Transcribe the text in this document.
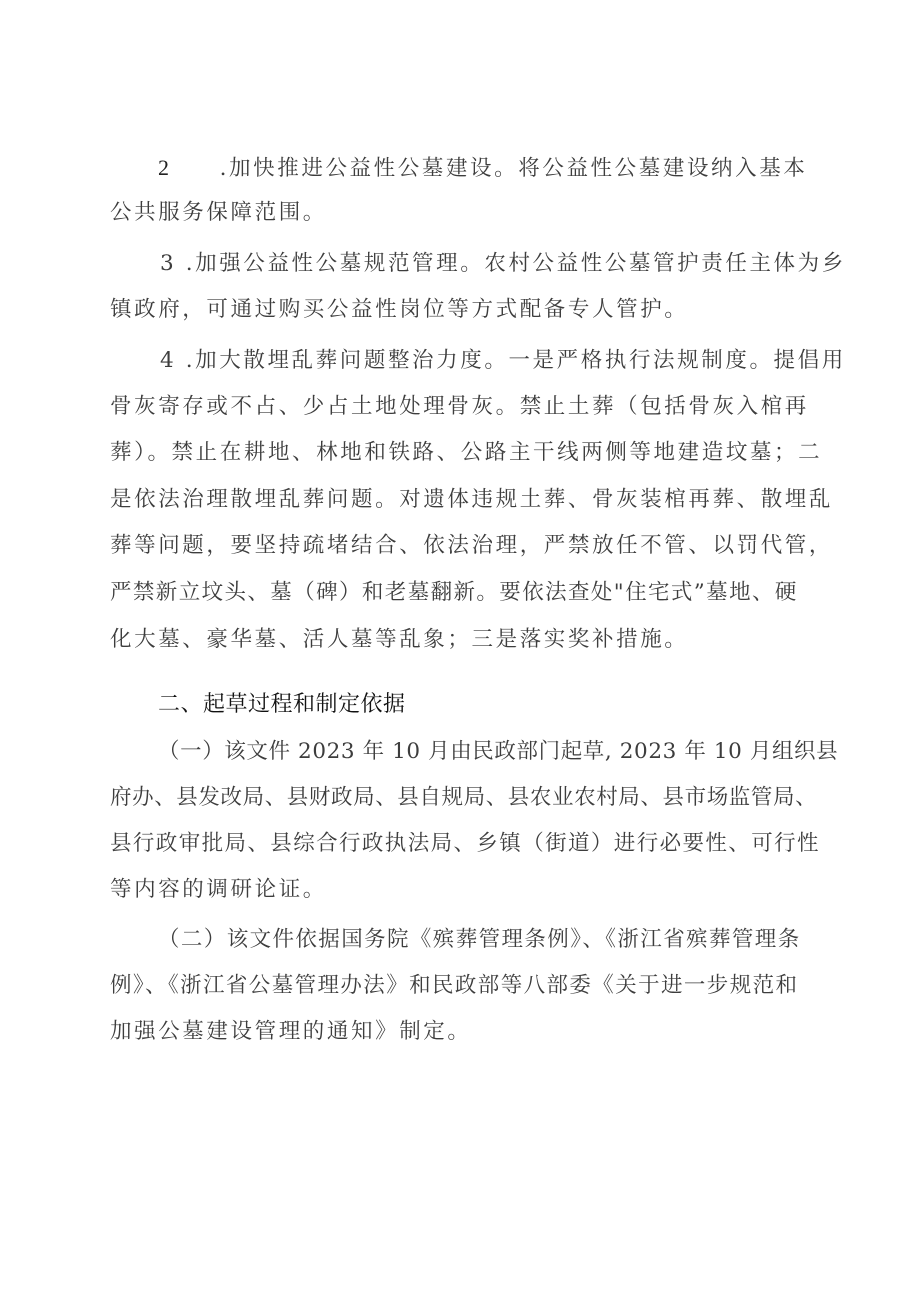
2 .加快推进公益性公墓建设。将公益性公墓建设纳入基本
公共服务保障范围。
3 .加强公益性公墓规范管理。农村公益性公墓管护责任主体为乡
镇政府，可通过购买公益性岗位等方式配备专人管护。
4 .加大散埋乱葬问题整治力度。一是严格执行法规制度。提倡用
骨灰寄存或不占、少占土地处理骨灰。禁止土葬（包括骨灰入棺再
葬）。禁止在耕地、林地和铁路、公路主干线两侧等地建造坟墓；二
是依法治理散埋乱葬问题。对遗体违规土葬、骨灰装棺再葬、散埋乱
葬等问题，要坚持疏堵结合、依法治理，严禁放任不管、以罚代管，
严禁新立坟头、墓（碑）和老墓翻新。要依法查处"住宅式”墓地、硬
化大墓、豪华墓、活人墓等乱象；三是落实奖补措施。
二、起草过程和制定依据
（一）该文件 2023 年 10 月由民政部门起草, 2023 年 10 月组织县
府办、县发改局、县财政局、县自规局、县农业农村局、县市场监管局、
县行政审批局、县综合行政执法局、乡镇（街道）进行必要性、可行性
等内容的调研论证。
（二）该文件依据国务院《殡葬管理条例》、《浙江省殡葬管理条
例》、《浙江省公墓管理办法》和民政部等八部委《关于进一步规范和
加强公墓建设管理的通知》制定。
